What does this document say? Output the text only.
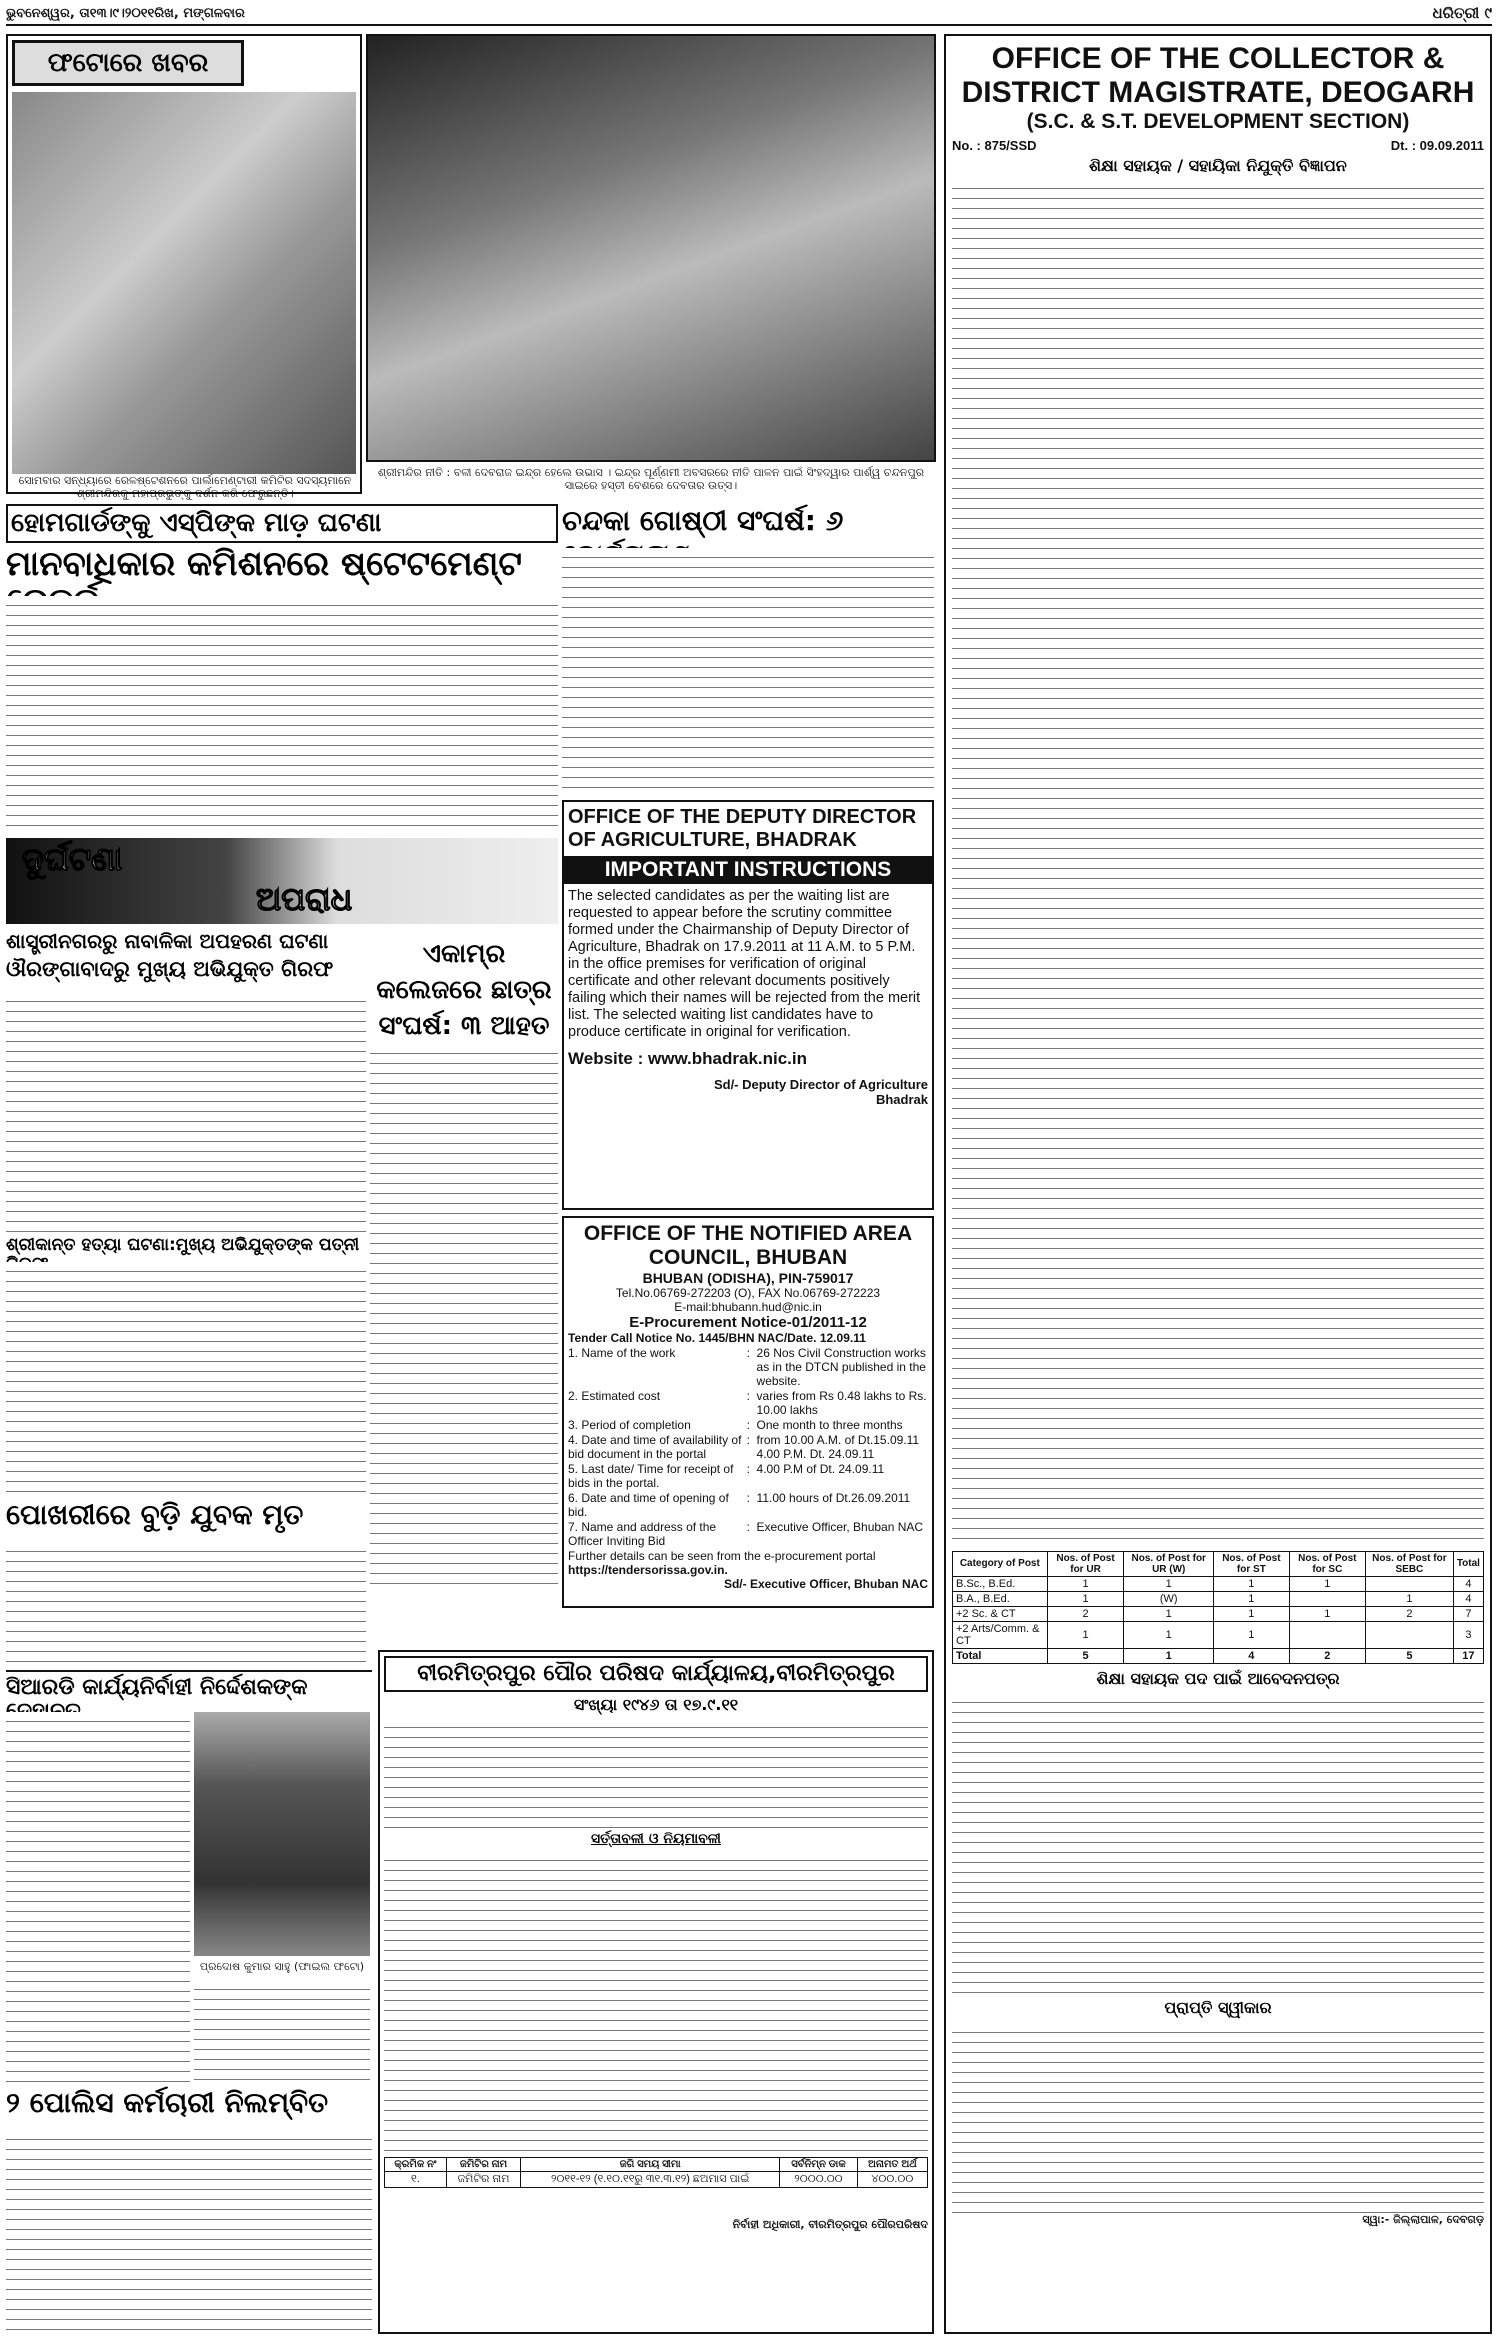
ଭୁବନେଶ୍ୱର, ତା୧୩।୯।୨୦୧୧ରିଖ, ମଙ୍ଗଳବାର	ଧରିତ୍ରୀ ୯
ଫଟୋରେ ଖବର
ସୋମବାର ସନ୍ଧ୍ୟାରେ ରେଳଷ୍ଟେଶନରେ ପାର୍ଲାମେଣ୍ଟାରୀ କମିଟିର ସଦସ୍ୟମାନେ ଶ୍ରୀମନ୍ଦିରକୁ ମହାପ୍ରଭୁଙ୍କୁ ଦର୍ଶନ କରି ଫେରୁଛନ୍ତି।
ଶ୍ରୀମନ୍ଦିର ନୀତି : ବଳୀ ଦେବରାଜ ଇନ୍ଦ୍ର ହେଲେ ଉଭାସ । ଇନ୍ଦ୍ର ପୂର୍ଣ୍ଣମୀ ଅବସରରେ ନୀତି ପାଳନ ପାଇଁ ସିଂହଦ୍ୱାର ପାର୍ଶ୍ୱ ଚନ୍ଦନପୁର ସାଇରେ ହସ୍ତୀ ବେଶରେ ଦେବତାର ଉତ୍ସ।
ହୋମଗାର୍ଡଙ୍କୁ ଏସ୍‌ପିଙ୍କ ମାଡ଼ ଘଟଣା
ମାନବାଧିକାର କମିଶନରେ ଷ୍ଟେଟମେଣ୍ଟ
ଚନ୍ଦକା ଗୋଷ୍ଠୀ ସଂଘର୍ଷ: ୬
ଦୁର୍ଘଟଣା
ଅପରାଧ
ଶାସ୍ତ୍ରୀନଗରରୁ ନାବାଳିକା ଅପହରଣ ଘଟଣା
ଔରଙ୍ଗାବାଦରୁ ମୁଖ୍ୟ ଅଭିଯୁକ୍ତ ଗିରଫ	ଏକାମ୍ର କଲେଜରେ ଛାତ୍ର ସଂଘର୍ଷ: ୩ ଆହତ
ଶ୍ରୀକାନ୍ତ ହତ୍ୟା ଘଟଣା:ମୁଖ୍ୟ ଅଭିଯୁକ୍ତଙ୍କ ପତ୍ନୀ
ପୋଖରୀରେ ବୁଡ଼ି ଯୁବକ ମୃତ
OFFICE OF THE DEPUTY DIRECTOR OF AGRICULTURE, BHADRAK
IMPORTANT INSTRUCTIONS
The selected candidates as per the waiting list are requested to appear before the scrutiny committee formed under the Chairmanship of Deputy Director of Agriculture, Bhadrak on 17.9.2011 at 11 A.M. to 5 P.M. in the office premises for verification of original certificate and other relevant documents positively failing which their names will be rejected from the merit list. The selected waiting list candidates have to produce certificate in original for verification.
Website : www.bhadrak.nic.in
Sd/- Deputy Director of Agriculture Bhadrak
OFFICE OF THE NOTIFIED AREA COUNCIL, BHUBAN
BHUBAN (ODISHA), PIN-759017
Tel.No.06769-272203 (O), FAX No.06769-272223
E-mail:bhubann.hud@nic.in
E-Procurement Notice-01/2011-12
Tender Call Notice No. 1445/BHN NAC/Date. 12.09.11
1. Name of the work	: 26 Nos Civil Construction works as in the DTCN published in the website.
2. Estimated cost	: varies from Rs 0.48 lakhs to Rs. 10.00 lakhs
3. Period of completion	: One month to three months
4. Date and time of availability of bid document in the portal
: from 10.00 A.M. of Dt.15.09.11 4.00 P.M. Dt. 24.09.11
5. Last date/ Time for receipt of bids in the portal.
: 4.00 P.M of Dt. 24.09.11
6. Date and time of opening of bid.
: 11.00 hours of Dt.26.09.2011
7. Name and address of the Officer Inviting Bid
: Executive Officer, Bhuban NAC
Further details can be seen from the e-procurement portal
https://tendersorissa.gov.in.
Sd/- Executive Officer, Bhuban NAC
ସିଆରଡି କାର୍ଯ୍ୟନିର୍ବାହୀ ନିର୍ଦ୍ଦେଶକଙ୍କ
ପ୍ରଦୋଷ କୁମାର ସାହୁ (ଫାଇଲ ଫଟୋ)
୨ ପୋଲିସ କର୍ମଚାରୀ ନିଲମ୍ବିତ
ବୀରମିତ୍ରପୁର ପୌର ପରିଷଦ କାର୍ଯ୍ୟାଳୟ,ବୀରମିତ୍ରପୁର
ସଂଖ୍ୟା ୧୯୪୬ ତା ୧୭.୯.୧୧
ସର୍ତ୍ତାବଳୀ ଓ ନିୟମାବଳୀ
କ୍ରମିକ ନଂ	ଜମିଟିର ନାମ	ଜଗି ସମୟ ସୀମା	ସର୍ବନିମ୍ନ ଡାକ	ଅନାମତ ଅର୍ଥ
୧.	ଜମିଟିର ନାମ	୨୦୧୧-୧୨ (୧.୧୦.୧୧ରୁ ୩୧.୩.୧୨) ଛଅମାସ ପାଇଁ	୨୦୦୦.୦୦	୪୦୦.୦୦
ନିର୍ବାହୀ ଅଧିକାରୀ, ବୀରମିତ୍ରପୁର ପୌରପରିଷଦ
OFFICE OF THE COLLECTOR &
DISTRICT MAGISTRATE, DEOGARH
(S.C. & S.T. DEVELOPMENT SECTION)
No. : 875/SSD	Dt. : 09.09.2011
ଶିକ୍ଷା ସହାୟକ / ସହାୟିକା ନିଯୁକ୍ତି ବିଜ୍ଞାପନ
Category of Post	Nos. of Post for UR	Nos. of Post for UR (W)	Nos. of Post for ST	Nos. of Post for SC	Nos. of Post for SEBC	Total
B.Sc., B.Ed.	1	1	1	1		4
B.A., B.Ed.	1	(W)	1		1	4
+2 Sc. & CT	2	1	1	1	2	7
+2 Arts/Comm. & CT	1	1	1			3
Total	5	1	4	2	5	17
ଶିକ୍ଷା ସହାୟକ ପଦ ପାଇଁ ଆବେଦନପତ୍ର
ପ୍ରାପ୍ତି ସ୍ୱୀକାର
ସ୍ୱା:- ଜିଲ୍ଲାପାଳ, ଦେବଗଡ଼
